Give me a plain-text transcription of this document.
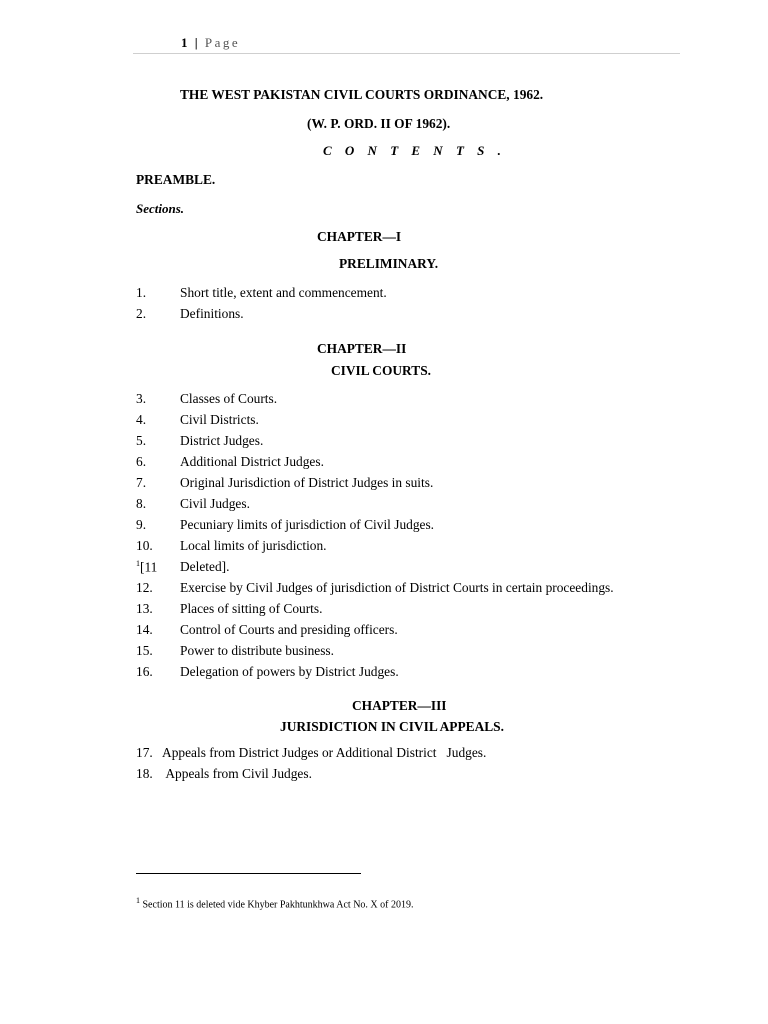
1 | Page
THE WEST PAKISTAN CIVIL COURTS ORDINANCE, 1962.
(W. P. ORD. II OF 1962).
C O N T E N T S .
PREAMBLE.
Sections.
CHAPTER—I
PRELIMINARY.
1.	Short title, extent and commencement.
2.	Definitions.
CHAPTER—II
CIVIL COURTS.
3.	Classes of Courts.
4.	Civil Districts.
5.	District Judges.
6.	Additional District Judges.
7.	Original Jurisdiction of District Judges in suits.
8.	Civil Judges.
9.	Pecuniary limits of jurisdiction of Civil Judges.
10. Local limits of jurisdiction.
$^1$[11 Deleted].
12. Exercise by Civil Judges of jurisdiction of District Courts in certain proceedings.
13. Places of sitting of Courts.
14. Control of Courts and presiding officers.
15. Power to distribute business.
16. Delegation of powers by District Judges.
CHAPTER—III
JURISDICTION IN CIVIL APPEALS.
17.   Appeals from District Judges or Additional District   Judges.
18.    Appeals from Civil Judges.
$^1$ Section 11 is deleted vide Khyber Pakhtunkhwa Act No. X of 2019.
